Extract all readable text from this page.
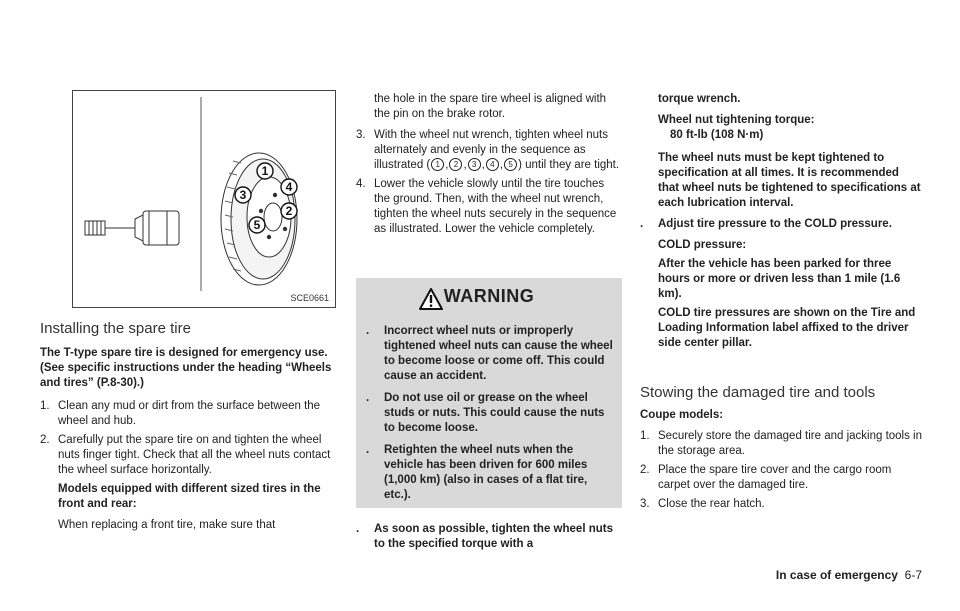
1
4
3
2
5
SCE0661
Installing the spare tire

The T-type spare tire is designed for emergency use. (See specific instructions under the heading “Wheels and tires” (P.8-30).)

1. Clean any mud or dirt from the surface between the wheel and hub.
2. Carefully put the spare tire on and tighten the wheel nuts finger tight. Check that all the wheel nuts contact the wheel surface horizontally.

Models equipped with different sized tires in the front and rear:

When replacing a front tire, make sure that

the hole in the spare tire wheel is aligned with the pin on the brake rotor.

3. With the wheel nut wrench, tighten wheel nuts alternately and evenly in the sequence as illustrated ( 1 , 2 , 3 , 4 , 5 ) until they are tight.
4. Lower the vehicle slowly until the tire touches the ground. Then, with the wheel nut wrench, tighten the wheel nuts securely in the sequence as illustrated. Lower the vehicle completely.
WARNING
.	Incorrect wheel nuts or improperly tightened wheel nuts can cause the wheel to become loose or come off. This could cause an accident.
.	Do not use oil or grease on the wheel studs or nuts. This could cause the nuts to become loose.
.	Retighten the wheel nuts when the vehicle has been driven for 600 miles (1,000 km) (also in cases of a flat tire, etc.).
.	As soon as possible, tighten the wheel nuts to the specified torque with a

torque wrench.

Wheel nut tightening torque:

80 ft-lb (108 N·m)

The wheel nuts must be kept tightened to specification at all times. It is recommended that wheel nuts be tightened to specifications at each lubrication interval.

.	Adjust tire pressure to the COLD pressure.

COLD pressure:

After the vehicle has been parked for three hours or more or driven less than 1 mile (1.6 km).

COLD tire pressures are shown on the Tire and Loading Information label affixed to the driver side center pillar.

Stowing the damaged tire and tools

Coupe models:

1. Securely store the damaged tire and jacking tools in the storage area.
2. Place the spare tire cover and the cargo room carpet over the damaged tire.
3. Close the rear hatch.
In case of emergency 6-7
